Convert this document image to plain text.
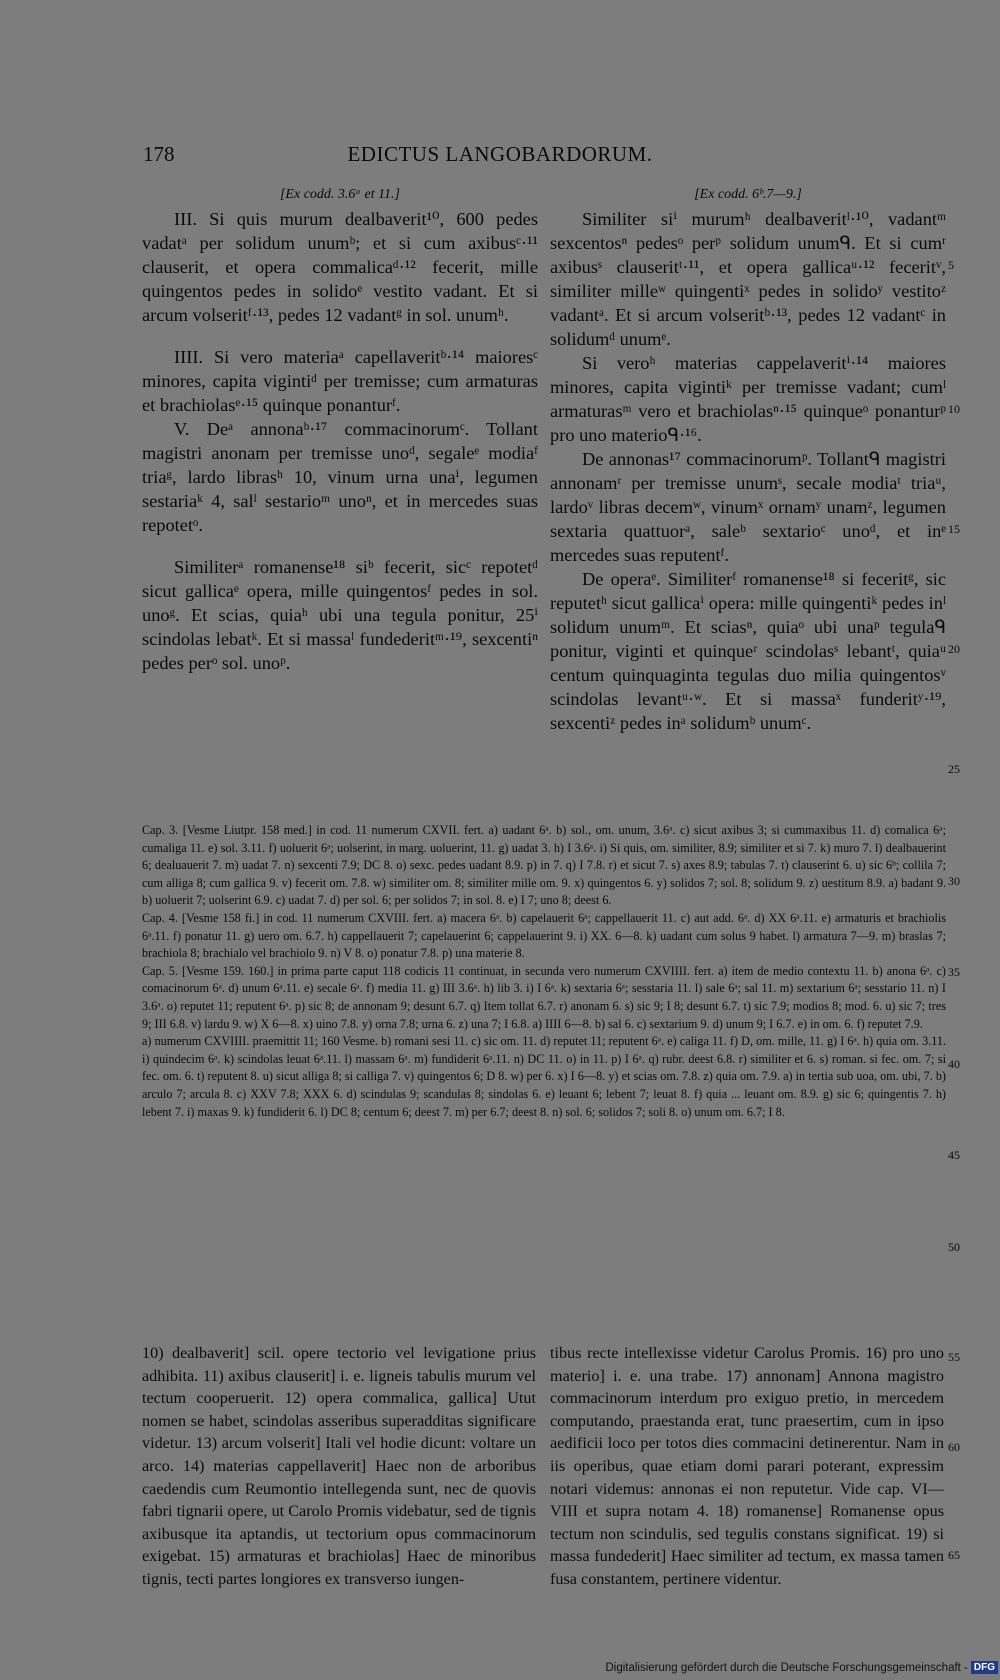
178	EDICTUS LANGOBARDORUM.
[Ex codd. 3.6ᵃ et 11.]

III. Si quis murum dealbaverit¹⁰, 600 pedes vadatᵃ per solidum unumᵇ; et si cum axibusᶜ·¹¹ clauserit, et opera commalicaᵈ·¹² fecerit, mille quingentos pedes in solidoᵉ vestito vadant. Et si arcum volseritᶠ·¹³, pedes 12 vadantᵍ in sol. unumʰ.

IIII. Si vero materiaᵃ capellaveritᵇ·¹⁴ maioresᶜ minores, capita vigintiᵈ per tremisse; cum armaturas et brachiolasᵉ·¹⁵ quinque ponanturᶠ.

V. Deᵃ annonaᵇ·¹⁷ commacinorumᶜ. Tollant magistri anonam per tremisse unoᵈ, segaleᵉ modiaᶠ triaᵍ, lardo librasʰ 10, vinum urna unaⁱ, legumen sestariaᵏ 4, salˡ sestarioᵐ unoⁿ, et in mercedes suas repotetᵒ.

Similiterᵃ romanense¹⁸ siᵇ fecerit, sicᶜ repotetᵈ sicut gallicaᵉ opera, mille quingentosᶠ pedes in sol. unoᵍ. Et scias, quiaʰ ubi una tegula ponitur, 25ⁱ scindolas lebatᵏ. Et si massaˡ fundederitᵐ·¹⁹, sexcentiⁿ pedes perᵒ sol. unoᵖ.

[Ex codd. 6ᵇ.7—9.]

Similiter siⁱ murumʰ dealbaveritˡ·¹⁰, vadantᵐ sexcentosⁿ pedesᵒ perᵖ solidum unumᑫ. Et si cumʳ axibusˢ clauseritᵗ·¹¹, et opera gallicaᵘ·¹² feceritᵛ, similiter milleʷ quingentiˣ pedes in solidoʸ vestitoᶻ vadantᵃ. Et si arcum volseritᵇ·¹³, pedes 12 vadantᶜ in solidumᵈ unumᵉ.

Si veroʰ materias cappelaveritⁱ·¹⁴ maiores minores, capita vigintiᵏ per tremisse vadant; cumˡ armaturasᵐ vero et brachiolasⁿ·¹⁵ quinqueᵒ ponanturᵖ pro uno materioᑫ·¹⁶.

De annonas¹⁷ commacinorumᵖ. Tollantᑫ magistri annonamʳ per tremisse unumˢ, secale modiaᵗ triaᵘ, lardoᵛ libras decemʷ, vinumˣ ornamʸ unamᶻ, legumen sextaria quattuorᵃ, saleᵇ sextarioᶜ unoᵈ, et inᵉ mercedes suas reputentᶠ.

De operaᵉ. Similiterᶠ romanense¹⁸ si feceritᵍ, sic reputetʰ sicut gallicaⁱ opera: mille quingentiᵏ pedes inˡ solidum unumᵐ. Et sciasⁿ, quiaᵒ ubi unaᵖ tegulaᑫ ponitur, viginti et quinqueʳ scindolasˢ lebantᵗ, quiaᵘ centum quinquaginta tegulas duo milia quingentosᵛ scindolas levantᵘ·ʷ. Et si massaˣ funderitʸ·¹⁹, sexcentiᶻ pedes inᵃ solidumᵇ unumᶜ.

5
10
15
20
25
30
35
40
45
50
55
60
65

Cap. 3. [Vesme Liutpr. 158 med.] in cod. 11 numerum CXVII. fert. a) uadant 6ᵃ. b) sol., om. unum, 3.6ᵃ. c) sicut axibus 3; si cummaxibus 11. d) comalica 6ᵃ; cumaliga 11. e) sol. 3.11. f) uoluerit 6ᵃ; uolserint, in marg. uoluerint, 11. g) uadat 3. h) I 3.6ᵃ. i) Si quis, om. similiter, 8.9; similiter et si 7. k) muro 7. l) dealbauerint 6; dealuauerit 7. m) uadat 7. n) sexcenti 7.9; DC 8. o) sexc. pedes uadant 8.9. p) in 7. q) I 7.8. r) et sicut 7. s) axes 8.9; tabulas 7. t) clauserint 6. u) sic 6ᵇ; collila 7; cum alliga 8; cum gallica 9. v) fecerit om. 7.8. w) similiter om. 8; similiter mille om. 9. x) quingentos 6. y) solidos 7; sol. 8; solidum 9. z) uestitum 8.9. a) badant 9. b) uoluerit 7; uolserint 6.9. c) uadat 7. d) per sol. 6; per solidos 7; in sol. 8. e) I 7; uno 8; deest 6.

Cap. 4. [Vesme 158 fi.] in cod. 11 numerum CXVIII. fert. a) macera 6ᵃ. b) capelauerit 6ᵃ; cappellauerit 11. c) aut add. 6ᵃ. d) XX 6ᵃ.11. e) armaturis et brachiolis 6ᵃ.11. f) ponatur 11. g) uero om. 6.7. h) cappellauerit 7; capelauerint 6; cappelauerint 9. i) XX. 6—8. k) uadant cum solus 9 habet. l) armatura 7—9. m) braslas 7; brachiola 8; brachialo vel brachiolo 9. n) V 8. o) ponatur 7.8. p) una materie 8.

Cap. 5. [Vesme 159. 160.] in prima parte caput 118 codicis 11 continuat, in secunda vero numerum CXVIIII. fert. a) item de medio contextu 11. b) anona 6ᵃ. c) comacinorum 6ᵃ. d) unum 6ᵃ.11. e) secale 6ᵃ. f) media 11. g) III 3.6ᵃ. h) lib 3. i) I 6ᵃ. k) sextaria 6ᵃ; sesstaria 11. l) sale 6ᵃ; sal 11. m) sextarium 6ᵃ; sesstario 11. n) I 3.6ᵃ. o) reputet 11; reputent 6ᵃ. p) sic 8; de annonam 9; desunt 6.7. q) Item tollat 6.7. r) anonam 6. s) sic 9; I 8; desunt 6.7. t) sic 7.9; modios 8; mod. 6. u) sic 7; tres 9; III 6.8. v) lardu 9. w) X 6—8. x) uino 7.8. y) orna 7.8; urna 6. z) una 7; I 6.8. a) IIII 6—8. b) sal 6. c) sextarium 9. d) unum 9; I 6.7. e) in om. 6. f) reputet 7.9.

a) numerum CXVIIII. praemittit 11; 160 Vesme. b) romani sesi 11. c) sic om. 11. d) reputet 11; reputent 6ᵃ. e) caliga 11. f) D, om. mille, 11. g) I 6ᵃ. h) quia om. 3.11. i) quindecim 6ᵃ. k) scindolas leuat 6ᵃ.11. l) massam 6ᵃ. m) fundiderit 6ᵃ.11. n) DC 11. o) in 11. p) I 6ᵃ. q) rubr. deest 6.8. r) similiter et 6. s) roman. si fec. om. 7; si fec. om. 6. t) reputent 8. u) sicut alliga 8; si calliga 7. v) quingentos 6; D 8. w) per 6. x) I 6—8. y) et scias om. 7.8. z) quia om. 7.9. a) in tertia sub uoa, om. ubi, 7. b) arculo 7; arcula 8. c) XXV 7.8; XXX 6. d) scindulas 9; scandulas 8; sindolas 6. e) leuant 6; lebent 7; leuat 8. f) quia ... leuant om. 8.9. g) sic 6; quingentis 7. h) lebent 7. i) maxas 9. k) fundiderit 6. l) DC 8; centum 6; deest 7. m) per 6.7; deest 8. n) sol. 6; solidos 7; soli 8. o) unum om. 6.7; I 8.

10) dealbaverit] scil. opere tectorio vel levigatione prius adhibita. 11) axibus clauserit] i. e. ligneis tabulis murum vel tectum cooperuerit. 12) opera commalica, gallica] Utut nomen se habet, scindolas asseribus superadditas significare videtur. 13) arcum volserit] Itali vel hodie dicunt: voltare un arco. 14) materias cappellaverit] Haec non de arboribus caedendis cum Reumontio intellegenda sunt, nec de quovis fabri tignarii opere, ut Carolo Promis videbatur, sed de tignis axibusque ita aptandis, ut tectorium opus commacinorum exigebat. 15) armaturas et brachiolas] Haec de minoribus tignis, tecti partes longiores ex transverso iungen-

tibus recte intellexisse videtur Carolus Promis. 16) pro uno materio] i. e. una trabe. 17) annonam] Annona magistro commacinorum interdum pro exiguo pretio, in mercedem computando, praestanda erat, tunc praesertim, cum in ipso aedificii loco per totos dies commacini detinerentur. Nam in iis operibus, quae etiam domi parari poterant, expressim notari videmus: annonas ei non reputetur. Vide cap. VI—VIII et supra notam 4. 18) romanense] Romanense opus tectum non scindulis, sed tegulis constans significat. 19) si massa fundederit] Haec similiter ad tectum, ex massa tamen fusa constantem, pertinere videntur.

Digitalisierung gefördert durch die Deutsche Forschungsgemeinschaft - DFG
